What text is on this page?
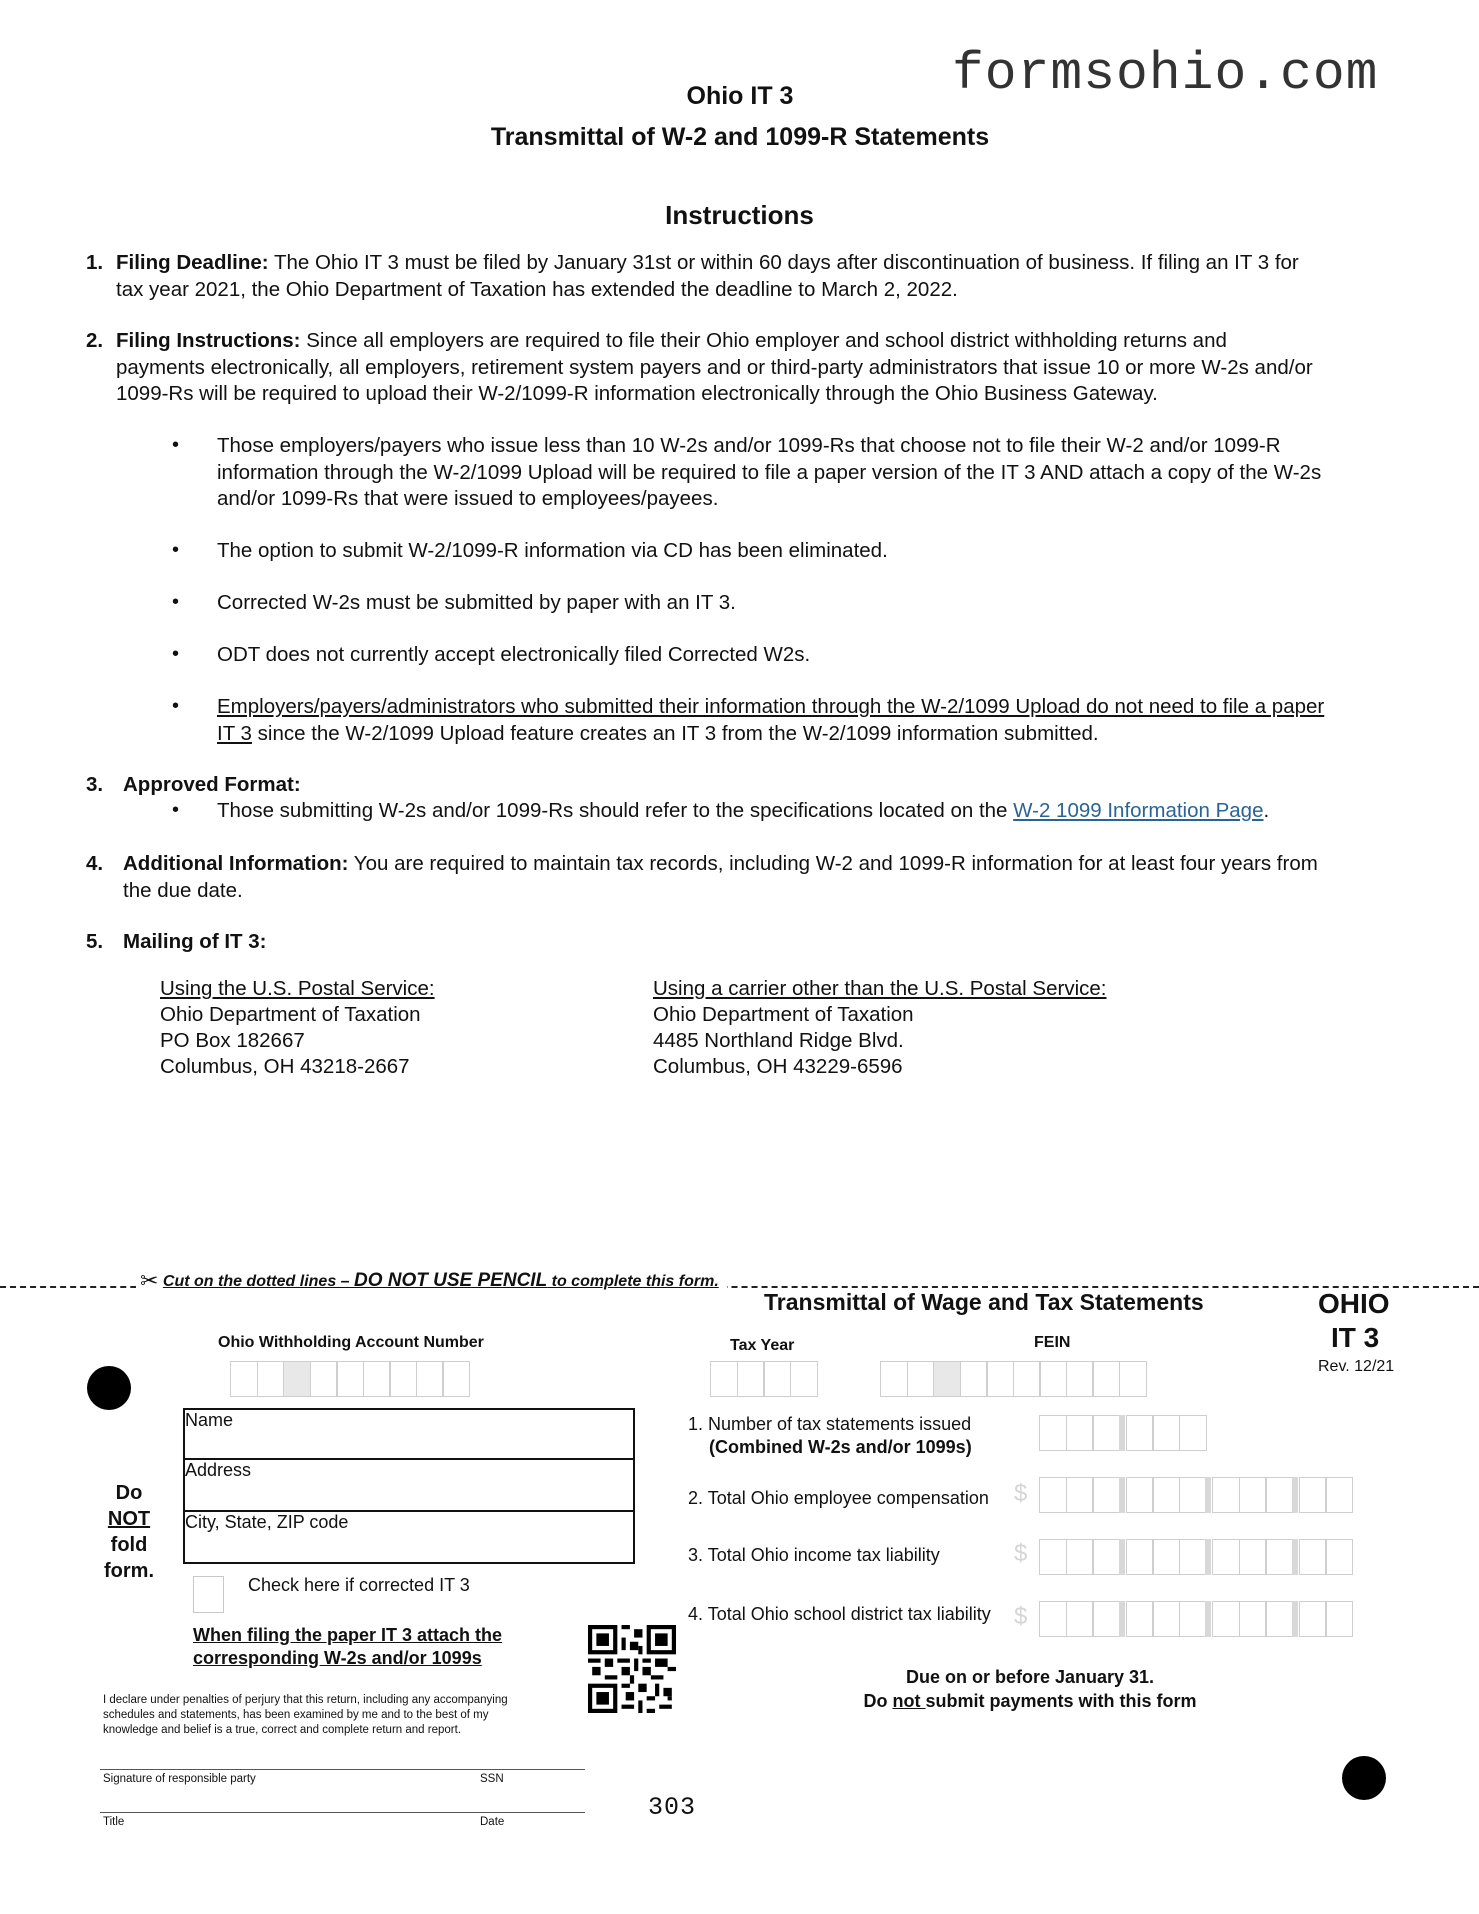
formsohio.com
Ohio IT 3
Transmittal of W-2 and 1099-R Statements
Instructions
1. Filing Deadline: The Ohio IT 3 must be filed by January 31st or within 60 days after discontinuation of business. If filing an IT 3 for
tax year 2021, the Ohio Department of Taxation has extended the deadline to March 2, 2022.
2. Filing Instructions: Since all employers are required to file their Ohio employer and school district withholding returns and
payments electronically, all employers, retirement system payers and or third-party administrators that issue 10 or more W-2s and/or
1099-Rs will be required to upload their W-2/1099-R information electronically through the Ohio Business Gateway.
• Those employers/payers who issue less than 10 W-2s and/or 1099-Rs that choose not to file their W-2 and/or 1099-R
information through the W-2/1099 Upload will be required to file a paper version of the IT 3 AND attach a copy of the W-2s
and/or 1099-Rs that were issued to employees/payees.
• The option to submit W-2/1099-R information via CD has been eliminated.
• Corrected W-2s must be submitted by paper with an IT 3.
• ODT does not currently accept electronically filed Corrected W2s.
• Employers/payers/administrators who submitted their information through the W-2/1099 Upload do not need to file a paper
IT 3 since the W-2/1099 Upload feature creates an IT 3 from the W-2/1099 information submitted.
3. Approved Format:
• Those submitting W-2s and/or 1099-Rs should refer to the specifications located on the W-2 1099 Information Page.
4. Additional Information: You are required to maintain tax records, including W-2 and 1099-R information for at least four years from
the due date.
5. Mailing of IT 3:
Using the U.S. Postal Service:
Ohio Department of Taxation
PO Box 182667
Columbus, OH 43218-2667
Using a carrier other than the U.S. Postal Service:
Ohio Department of Taxation
4485 Northland Ridge Blvd.
Columbus, OH 43229-6596
✂ Cut on the dotted lines – DO NOT USE PENCIL to complete this form.
Transmittal of Wage and Tax Statements	OHIO
IT 3
Rev. 12/21
Ohio Withholding Account Number	Tax Year	FEIN
Name
Address
City, State, ZIP code
Do
NOT
fold
form.
Check here if corrected IT 3
When filing the paper IT 3 attach the
corresponding W-2s and/or 1099s
1. Number of tax statements issued
(Combined W-2s and/or 1099s)
2. Total Ohio employee compensation $
3. Total Ohio income tax liability	$
4. Total Ohio school district tax liability $
Due on or before January 31.
Do not submit payments with this form
I declare under penalties of perjury that this return, including any accompanying
schedules and statements, has been examined by me and to the best of my
knowledge and belief is a true, correct and complete return and report.
Signature of responsible party	SSN
Title	Date	303
